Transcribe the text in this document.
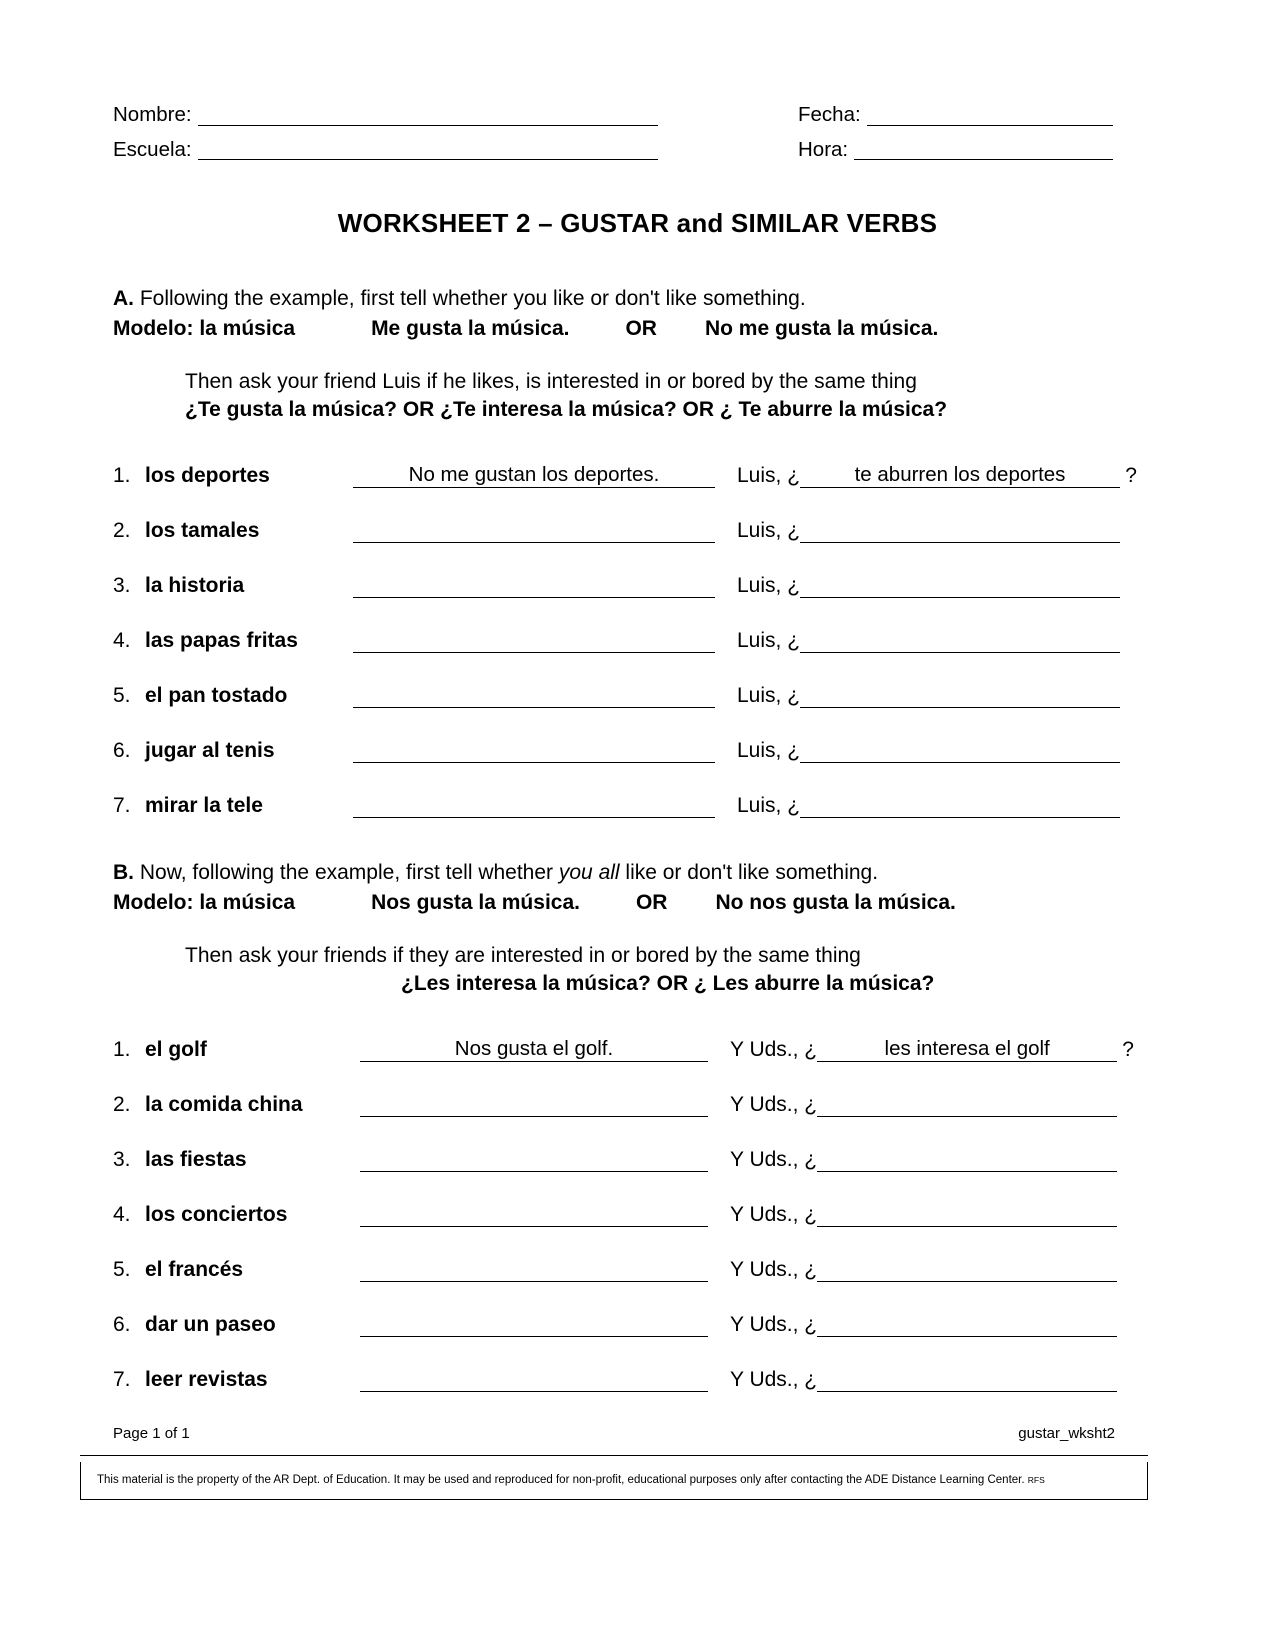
Nombre:	Fecha:
Escuela:	Hora:
WORKSHEET 2 – GUSTAR and SIMILAR VERBS
A. Following the example, first tell whether you like or don't like something.
Modelo: la música	Me gusta la música.	OR No me gusta la música.
Then ask your friend Luis if he likes, is interested in or bored by the same thing
¿Te gusta la música? OR ¿Te interesa la música? OR ¿ Te aburre la música?
1. los deportes	No me gustan los deportes.	Luis, ¿	te aburren los deportes	?
2. los tamales	Luis, ¿
3. la historia	Luis, ¿
4. las papas fritas	Luis, ¿
5. el pan tostado	Luis, ¿
6. jugar al tenis	Luis, ¿
7. mirar la tele	Luis, ¿
B. Now, following the example, first tell whether you all like or don't like something.
Modelo: la música	Nos gusta la música.	OR No nos gusta la música.
Then ask your friends if they are interested in or bored by the same thing
¿Les interesa la música? OR ¿ Les aburre la música?
1. el golf	Nos gusta el golf.	Y Uds., ¿	les interesa el golf	?
2. la comida china	Y Uds., ¿
3. las fiestas	Y Uds., ¿
4. los conciertos	Y Uds., ¿
5. el francés	Y Uds., ¿
6. dar un paseo	Y Uds., ¿
7. leer revistas	Y Uds., ¿
Page 1 of 1	gustar_wksht2
This material is the property of the AR Dept. of Education. It may be used and reproduced for non-profit, educational purposes only after contacting the ADE Distance Learning Center. RFS
